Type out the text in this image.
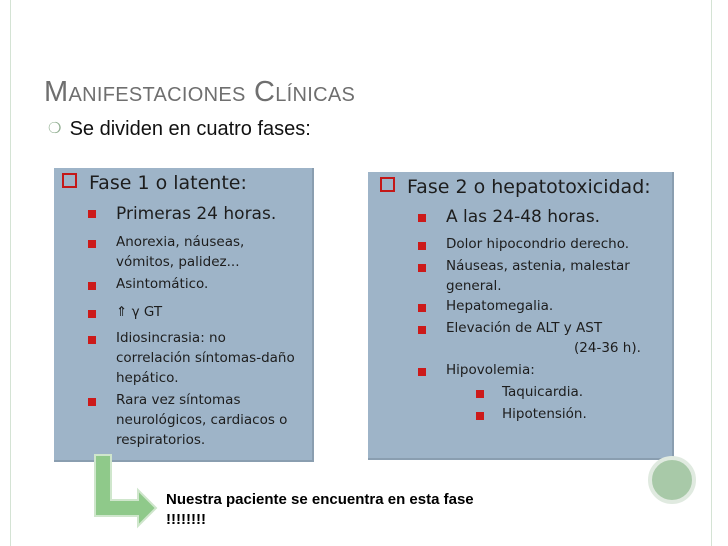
Manifestaciones Clínicas
❍ Se dividen en cuatro fases:
Fase 1 o latente:
Primeras 24 horas.
Anorexia, náuseas,
vómitos, palidez...
Asintomático.
⇑ γ GT
Idiosincrasia: no
correlación síntomas-daño
hepático.
Rara vez síntomas
neurológicos, cardiacos o
respiratorios.
Fase 2 o hepatotoxicidad:
A las 24-48 horas.
Dolor hipocondrio derecho.
Náuseas, astenia, malestar
general.
Hepatomegalia.
Elevación de ALT y AST
(24-36 h).
Hipovolemia:
Taquicardia.
Hipotensión.
Nuestra paciente se encuentra en esta fase
!!!!!!!!
